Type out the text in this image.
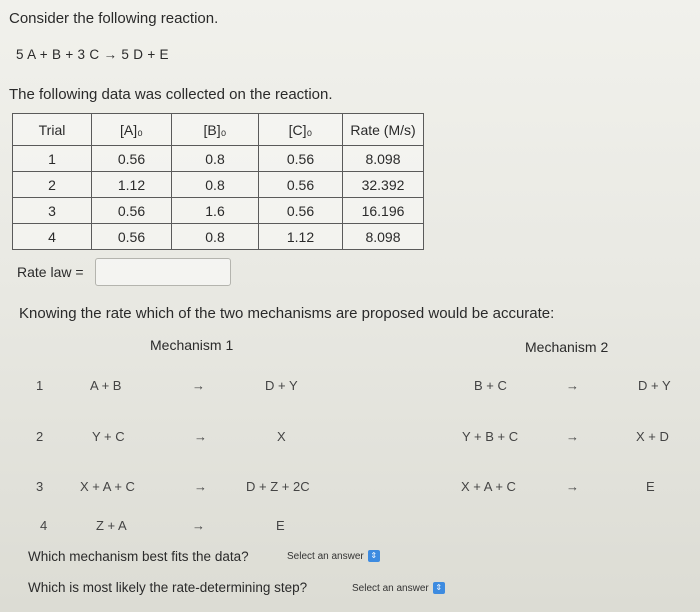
Consider the following reaction.
5 A + B + 3 C → 5 D + E
The following data was collected on the reaction.
Trial	[A]₀	[B]₀	[C]₀	Rate (M/s)
1	0.56	0.8	0.56	8.098
2	1.12	0.8	0.56	32.392
3	0.56	1.6	0.56	16.196
4	0.56	0.8	1.12	8.098
Rate law =
Knowing the rate which of the two mechanisms are proposed would be accurate:
Mechanism 1	Mechanism 2
1	A + B	→	D + Y
2	Y + C	→	X
3	X + A + C	→	D + Z + 2C
4	Z + A	→	E
B + C	→	D + Y
Y + B + C	→	X + D
X + A + C	→	E
Which mechanism best fits the data?	Select an answer ⇕
Which is most likely the rate-determining step?	Select an answer ⇕
